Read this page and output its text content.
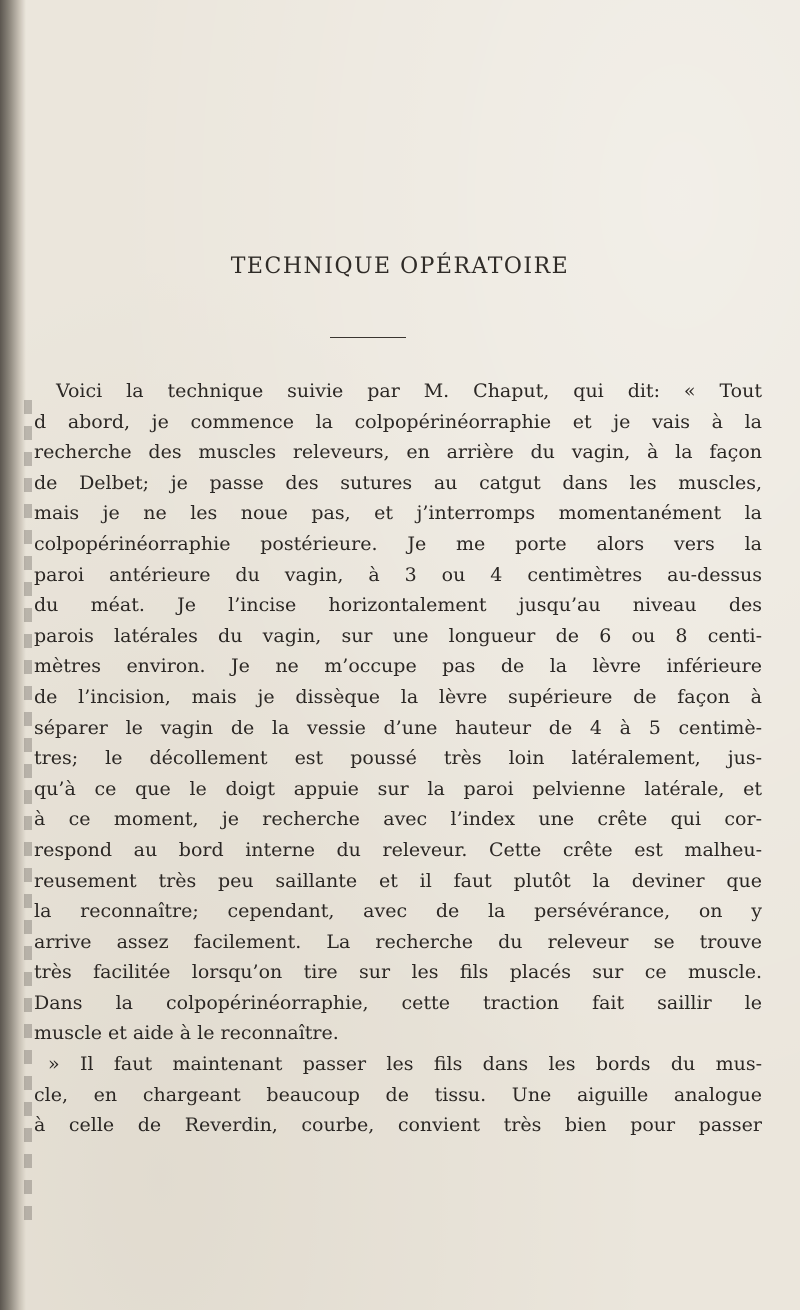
TECHNIQUE OPÉRATOIRE
Voici la technique suivie par M. Chaput, qui dit: « Tout
d abord, je commence la colpopérinéorraphie et je vais à la
recherche des muscles releveurs, en arrière du vagin, à la façon
de Delbet; je passe des sutures au catgut dans les muscles,
mais je ne les noue pas, et j’interromps momentanément la
colpopérinéorraphie postérieure. Je me porte alors vers la
paroi antérieure du vagin, à 3 ou 4 centimètres au-dessus
du méat. Je l’incise horizontalement jusqu’au niveau des
parois latérales du vagin, sur une longueur de 6 ou 8 centi-
mètres environ. Je ne m’occupe pas de la lèvre inférieure
de l’incision, mais je dissèque la lèvre supérieure de façon à
séparer le vagin de la vessie d’une hauteur de 4 à 5 centimè-
tres; le décollement est poussé très loin latéralement, jus-
qu’à ce que le doigt appuie sur la paroi pelvienne latérale, et
à ce moment, je recherche avec l’index une crête qui cor-
respond au bord interne du releveur. Cette crête est malheu-
reusement très peu saillante et il faut plutôt la deviner que
la reconnaître; cependant, avec de la persévérance, on y
arrive assez facilement. La recherche du releveur se trouve
très facilitée lorsqu’on tire sur les fils placés sur ce muscle.
Dans la colpopérinéorraphie, cette traction fait saillir le
muscle et aide à le reconnaître.
» Il faut maintenant passer les fils dans les bords du mus-
cle, en chargeant beaucoup de tissu. Une aiguille analogue
à celle de Reverdin, courbe, convient très bien pour passer
